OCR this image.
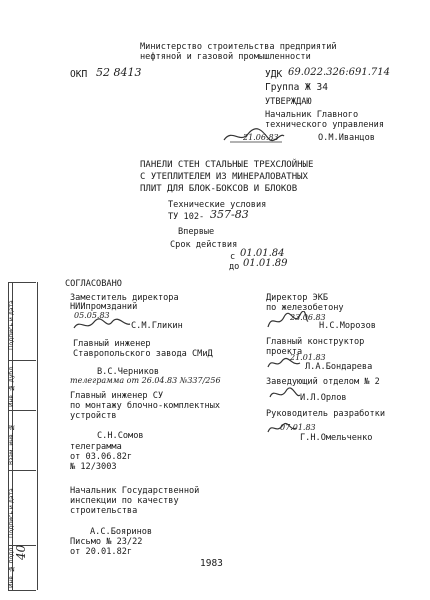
Министерство строительства предприятий
нефтяной и газовой промышленности
ОКП 52 8413	УДК 69.022.326:691.714
Группа Ж 34
УТВЕРЖДАЮ
Начальник Главного
технического управления
21.06.83	О.М.Иванцов
ПАНЕЛИ СТЕН СТАЛЬНЫЕ ТРЕХСЛОЙНЫЕ
С УТЕПЛИТЕЛЕМ ИЗ МИНЕРАЛОВАТНЫХ
ПЛИТ ДЛЯ БЛОК-БОКСОВ И БЛОКОВ
Технические условия
ТУ 102- 357-83
Впервые
Срок действия
с 01.01.84
до 01.01.89
СОГЛАСОВАНО
Заместитель директора
НИИпромзданий
05.05.83
С.М.Гликин
Главный инженер
Ставропольского завода СМиД
В.С.Черников
телеграмма от 26.04.83 №337/256
Главный инженер СУ
по монтажу блочно-комплектных
устройств
С.Н.Сомов
телеграмма
от 03.06.82г
№ 12/3003
Начальник Государственной
инспекции по качеству
строительства
А.С.Бояринов
Письмо № 23/22
от 20.01.82г
Директор ЭКБ
по железобетону
23.06.83
Н.С.Морозов
Главный конструктор
проекта
21.01.83
Л.А.Бондарева
Заведующий отделом № 2
И.Л.Орлов
Руководитель разработки
07.01.83
Г.Н.Омельченко
1983
Подпись и дата
Инв. № дубл.
Взам. инв. №
Подпись и дата
Инв. № подл. 40
